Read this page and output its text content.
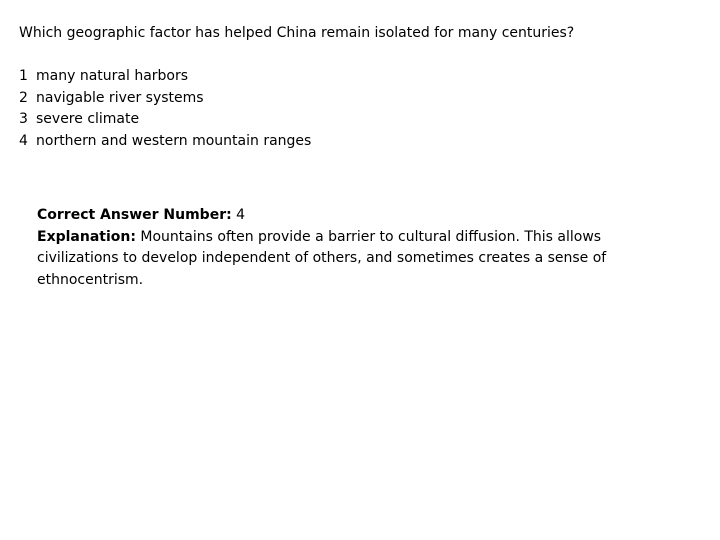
Which geographic factor has helped China remain isolated for many centuries?
1 many natural harbors
2 navigable river systems
3 severe climate
4 northern and western mountain ranges
Correct Answer Number: 4
Explanation: Mountains often provide a barrier to cultural diffusion. This allows civilizations to develop independent of others, and sometimes creates a sense of ethnocentrism.
